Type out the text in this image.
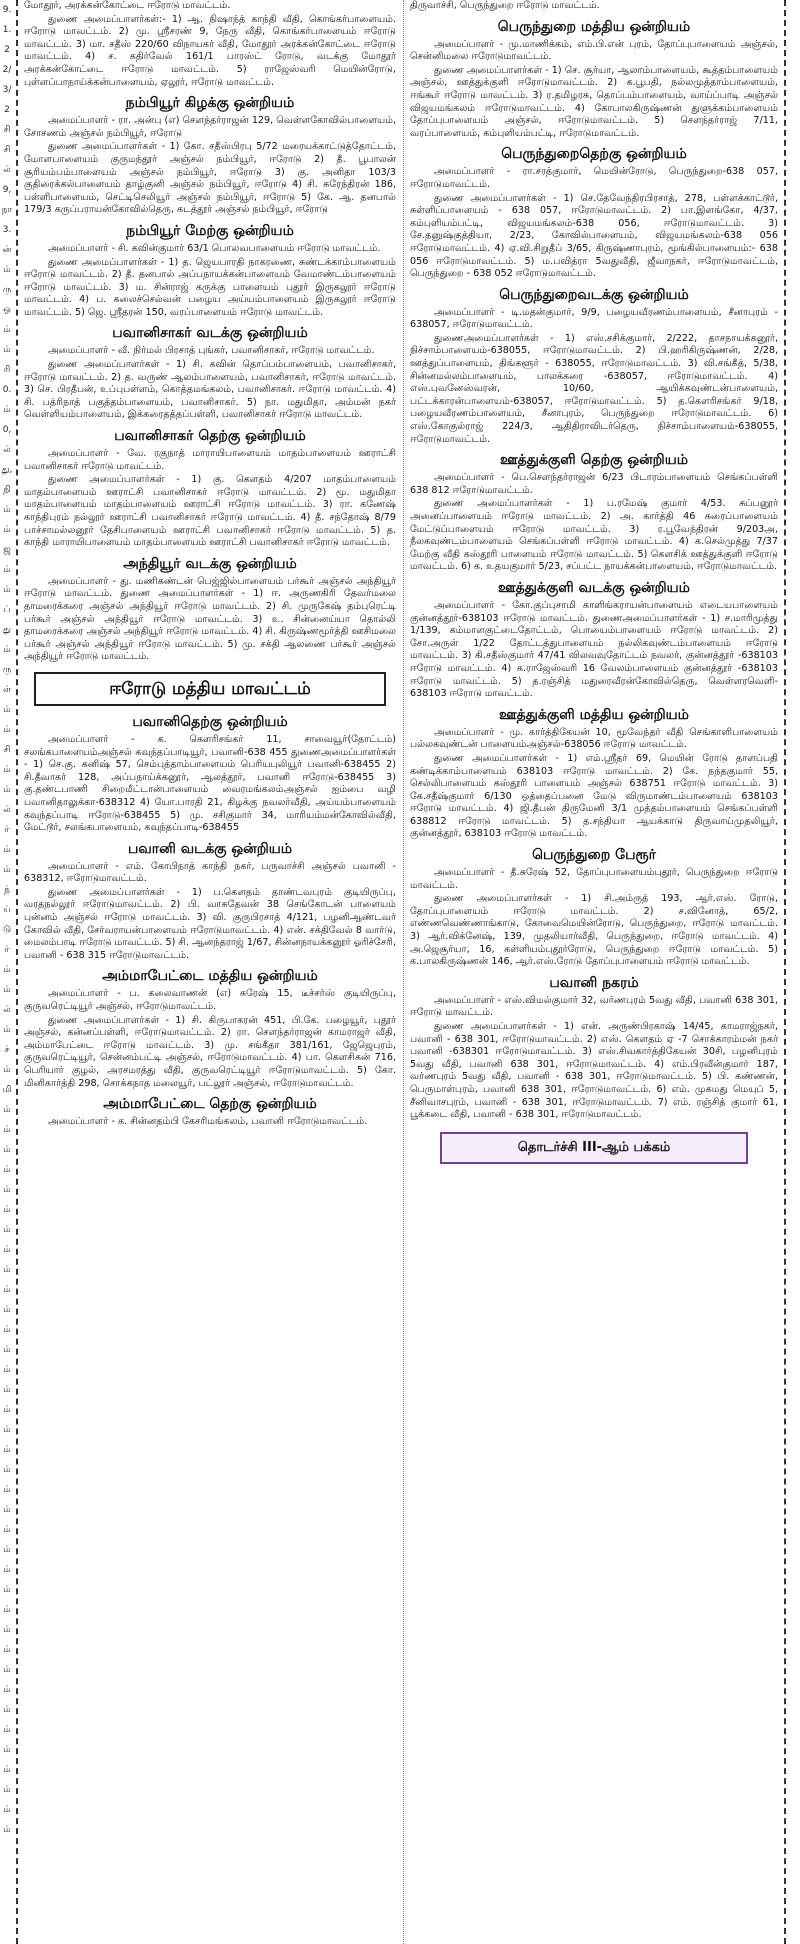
9.
1.
2
2/
3/
2
சி
சி
ல்
9,
நா
3.
ன்
ம்
ரு
ஒ
ம்
ம்
ரி
0.
ம்
0,
ல்
து,
நி
ம்
ம்
ஜ
ம்
ம்
ப்
து
ம்
ரு
ள்
ம்
ம்
சி
ம்
ம்
ல்
ர்
ம்
ம்
ந்
ய்
டு
ர்
ம்
ம்
ல்
ம்
ச்
ம்
மி
ம்
ம்
ம்
ம்
ம்
ம்
ம்
ம்
ம்
ம்
ம்
ம்
ம்
ம்
ம்
ம்
ம்
ம்
ம்
ம்
ம்
ம்
ம்
ம்
ம்
ம்
ம்
ம்
ம்
ம்
ம்
ம்
ம்
ம்
ம்
ம்
ம்

மோதூர், அரக்கன்கோட்டை ஈரோடு மாவட்டம்.

துணை அமைப்பாளர்கள்:- 1) ஆ. நிஷாந்த் காந்தி வீதி, கொங்கர்பாளையம். ஈரோடு மாவட்டம். 2) மு. ஸ்ரீசரண் 9, நேரு வீதி, கொங்கர்பாளையம் ஈரோடு மாவட்டம். 3) மா. சதீஸ் 220/60 விநாயகர் வீதி, மோதூர் அரக்கன்கோட்டை ஈரோடு மாவட்டம். 4) ச. கதிர்வேல் 161/1 பாரஸ்ட் ரோடு, வடக்கு மோதூர் அரக்கன்கோட்டை ஈரோடு மாவட்டம். 5) ராஜேஸ்வரி மெயின்ரோடு, புள்ளப்பாநாய்க்கன்பாளையம், ஏலூர், ஈரோடு மாவட்டம்.

நம்பியூர் கிழக்கு ஒன்றியம்

அமைப்பாளர் - ரா. அன்பு (எ) சௌந்தர்ராஜன் 129, வெள்ளகோவில்பாளையம், சோசணம் அஞ்சல் நம்பியூர், ஈரோடு

துணை அமைப்பாளர்கள் - 1) கோ. சதீஸ்பிரபு 5/72 மரையக்காட்டுத்தோட்டம், மோளபாளையம் குருமந்தூர் அஞ்சல் நம்பியூர், ஈரோடு 2) தீ. பூபாலன் சூரியம்பம்பாளையம் அஞ்சல் நம்பியூர், ஈரோடு 3) கு. அனிதா 103/3 குதிரைக்கல்பாளையம் தாழ்குனி அஞ்சல் நம்பியூர், ஈரோடு 4) சி. சுரேந்திரன் 186, பள்ளிபாளையம், செட்டிசெலியூர் அஞ்சல் நம்பியூர், ஈரோடு 5) கே. ஆ. தனபால் 179/3 கருப்பராயன்கோவில்தெரு, கடத்தூர் அஞ்சல் நம்பியூர், ஈரோடு

நம்பியூர் மேற்கு ஒன்றியம்

அமைப்பாளர் - சி. கவின்குமார் 63/1 பொலவபாளையம் ஈரோடு மாவட்டம்.

துணை அமைப்பாளர்கள் - 1) த. ஜெயபாரதி நாகரணை, சுண்டக்காம்பாளையம் ஈரோடு மாவட்டம். 2) தீ. தனபால் அப்பநாயக்கன்பாளையம் வேமாண்டம்பாளையம் ஈரோடு மாவட்டம். 3) ம. சின்ராஜ் கருக்கு பாளையம் புதூர் இருகலூர் ஈரோடு மாவட்டம். 4) ப. கலைச்செல்வன் பழைய அய்யம்பாளையம் இருகலூர் ஈரோடு மாவட்டம். 5) ஜெ. ஸ்ரீதரன் 150, வரப்பாளையம் ஈரோடு மாவட்டம்.

பவானிசாகர் வடக்கு ஒன்றியம்

அமைப்பாளர் - வீ. நிர்மல் பிரசாத் புங்கர், பவானிசாகர், ஈரோடு மாவட்டம்.

துணை அமைப்பாளர்கள் - 1) சி. கவின் தொப்பம்பாளையம், பவானிசாகர், ஈரோடு மாவட்டம். 2) த. வருண் ஆலம்பாளையம், பவானிசாகர், ஈரோடு மாவட்டம். 3) செ. பிரதீபன், உப்புபள்ளம், கொத்தமங்கலம், பவானிசாகர். ஈரோடு மாவட்டம். 4) சி. பத்ரிநாத் பகுத்தம்பாளையம், பவானிசாகர். 5) நா. மதுமிதா, அம்மன் நகர் வெள்ளியம்பாளையம், இக்கரைதத்தப்பள்ளி, பவானிசாகர் ஈரோடு மாவட்டம்.

பவானிசாகர் தெற்கு ஒன்றியம்

அமைப்பாளர் - வே. ரகுநாத் மாராயிபாளையம் மாதம்பாளையம் ஊராட்சி பவானிசாகர் ஈரோடு மாவட்டம்.

துணை அமைப்பாளர்கள் - 1) கு. கௌதம் 4/207 மாதம்பாளையம் மாதம்பாளையம் ஊராட்சி பவானிசாகர் ஈரோடு மாவட்டம். 2) மூ. மதுமிதா மாதம்பாளையம் மாதம்பாளையம் ஊராட்சி ஈரோடு மாவட்டம். 3) ரா. கணேஷ் காந்திபுரம் நல்லூர் ஊராட்சி பவானிசாகர் ஈரோடு மாவட்டம். 4) தீ. சந்தோஷ் 8/79 பாச்சாமல்லனூர் தேசிபாளையம் ஊராட்சி பவானிசாகர் ஈரோடு மாவட்டம். 5) த. காந்தி மாராயிபாளையம் மாதம்பாளையம் ஊராட்சி பவானிசாகர் ஈரோடு மாவட்டம்.

அந்தியூர் வடக்கு ஒன்றியம்

அமைப்பாளர் - து. மணிகண்டன் பெஜ்ஜில்பாளையம் பர்கூர் அஞ்சல் அந்தியூர் ஈரோடு மாவட்டம். துணை அமைப்பாளர்கள் - 1) ஈ. அருணகிரி தேவர்மலை தாமரைக்கரை அஞ்சல் அந்தியூர் ஈரோடு மாவட்டம். 2) சி. முருகேஷ் தம்புரெட்டி பர்கூர் அஞ்சல் அந்தியூர் ஈரோடு மாவட்டம். 3) உ. சின்னைய்யா தொல்லி தாமரைக்கரை அஞ்சல் அந்தியூர் ஈரோடு மாவட்டம். 4) சி. கிருஷ்ணமூர்த்தி ஊசிமலை பர்கூர் அஞ்சல் அந்தியூர் ஈரோடு மாவட்டம். 5) மு. சக்தி ஆலணை பர்கூர் அஞ்சல் அந்தியூர் ஈரோடு மாவட்டம்.

ஈரோடு மத்திய மாவட்டம்
பவானிதெற்கு ஒன்றியம்

அமைப்பாளர் - க. கௌரிசங்கர் 11, சாவையூர்(தோட்டம்) சலங்கபாளையம்அஞ்சல் கவுந்தப்பாடியூர், பவானி-638 455 துணைஅமைப்பாளர்கள் - 1) செ.கு. கனிஷ் 57, செம்புத்தாம்பாளையம் பெரியபுலியூர் பவானி-638455 2) சி.தீவாகர் 128, அப்பநாய்க்கனூர், ஆலத்தூர், பவானி ஈரோடு-638455 3) கு.தண்டபாணி சிறைமீட்டான்பாளையம் வைரமங்கலம்அஞ்சல் ஐம்பை வழி பவானிதாலுக்கா-638312 4) யோ.பாரதி 21, கிழக்கு நவலர்வீதி, அய்யம்பாளையம் கவுந்தப்பாடி ஈரோடு-638455 5) மு. சசிகுமார் 34, மாரியம்மன்கோவில்வீதி, மேட்டூர், சலங்கபாளையம், கவுந்தப்பாடி-638455

பவானி வடக்கு ஒன்றியம்

அமைப்பாளர் - எம். கோபிநாத் காந்தி நகர், பருவாச்சி அஞ்சல் பவானி - 638312, ஈரோடுமாவட்டம்.

துணை அமைப்பாளர்கள் - 1) ப.கௌதம் தாண்டவபுரம் குடியிருப்பு, வரதநல்லூர் ஈரோடுமாவட்டம். 2) பி. வாசுதேவன் 38 செங்கோடன் பாளையம் புன்னம் அஞ்சல் ஈரோடு மாவட்டம். 3) வி. குருபிரசாத் 4/121, பழனிஆண்டவர் கோவில் வீதி, சேர்வராயன்பாளையம் ஈரோடுமாவட்டம். 4) என். சக்திவேல் 8 வார்டு, மைலம்பாடி ஈரோடு மாவட்டம். 5) சி. ஆனந்தராஜ் 1/67, சின்னநாயக்கனூர் ஓரிச்சேரி, பவானி - 638 315 ஈரோடுமாவட்டம்.

அம்மாபேட்டை மத்திய ஒன்றியம்

அமைப்பாளர் - ப. கலைவாணன் (எ) சுரேஷ் 15, டீச்சர்ஸ் குடியிருப்பு, குருவரெட்டியூர் அஞ்சல், ஈரோடுமாவட்டம்.

துணை அமைப்பாளர்கள் - 1) சி. கிருபாகரன் 451, பி.கே. பழையூர், புதூர் அஞ்சல், கன்னப்பள்ளி, ஈரோடுமாவட்டம். 2) ரா. சௌந்தர்ராஜன் காமராஜர் வீதி, அம்மாபேட்டை ஈரோடு மாவட்டம். 3) மு. சங்கீதா 381/161, ஜேஜெபுரம், குருவரெட்டியூர், சென்னம்பட்டி அஞ்சல், ஈரோடுமாவட்டம். 4) பா. கௌசிகன் 716, பெரியார் குழல், அரசமரத்து வீதி, குருவரெட்டியூர் ஈரோடுமாவட்டம். 5) கோ. மினிகார்த்தி 298, சொக்கநாத மலையூர், பட்லூர் அஞ்சல், ஈரோடுமாவட்டம்.

அம்மாபேட்டை தெற்கு ஒன்றியம்

அமைப்பாளர் - க. சின்னதம்பி கேசரிமங்கலம், பவானி ஈரோடுமாவட்டம்.

திருவாச்சி, பெருந்துறை ஈரோடு மாவட்டம்.

பெருந்துறை மத்திய ஒன்றியம்

அமைப்பாளர் - மு.மாணிக்கம், எம்.பி.என் புரம், தோப்புபாளையம் அஞ்சல், சென்னிமலை ஈரோடுமாவட்டம்.

துணை அமைப்பாளர்கள் - 1) செ. சூர்யா, ஆலாம்பாளையம், கூத்தம்பாளையம் அஞ்சல், ஊத்துக்குளி ஈரோடுமாவட்டம். 2) க.பூபதி, நல்லமுத்தாம்பாளையம், ஈங்கூர் ஈரோடு மாவட்டம். 3) ர.தமிழரசு, தொப்பம்பாளையம், வாய்ப்பாடி அஞ்சல் விஜயமங்கலம் ஈரோடுமாவட்டம். 4) கோபாலகிருஷ்ணன் துளுக்கம்பாளையம் தோப்புபாளையம் அஞ்சல், ஈரோடுமாவட்டம். 5) சௌந்தர்ராஜ் 7/11, வரப்பாளையம், கம்புளியம்பட்டி, ஈரோடுமாவட்டம்.

பெருந்துறைதெற்கு ஒன்றியம்

அமைப்பாளர் - ரா.சரத்குமார், மெயின்ரோடு, பெருந்துறை-638 057, ஈரோடுமாவட்டம்.

துணை அமைப்பாளர்கள் - 1) செ.தேவேந்திரபிரசாத், 278, பள்ளக்காட்டூர், சுள்ளிப்பாளையம் - 638 057, ஈரோடுமாவட்டம். 2) பா.இளங்கோ, 4/37, கம்புளியம்பட்டி, விஜயமங்கலம்-638 056, ஈரோடுமாவட்டம். 3) சே.தனுஷ்குத்தியா, 2/23, கோவில்பாளையம், விஜயமங்கலம்-638 056 ஈரோடுமாவட்டம். 4) ஏ.வி.சிறுதீப் 3/65, கிருஷ்ணாபுரம், மூங்கில்பாளையம்:- 638 056 ஈரோடுமாவட்டம். 5) ம.பவித்ரா 5வதுவீதி, ஜீவாநகர், ஈரோடுமாவட்டம், பெருந்துறை - 638 052 ஈரோடுமாவட்டம்.

பெருந்துறைவடக்கு ஒன்றியம்

அமைப்பாளர் - டி.மதன்குமார், 9/9, பழையவீரணம்பாளையம், சீனாபுரம் - 638057, ஈரோடுமாவட்டம்.

துணைஅமைப்பாளர்கள் - 1) எஸ்.சசிக்குமார், 2/222, தாசநாயக்கனூர், நிச்சாம்பாளையம்-638055, ஈரோடுமாவட்டம். 2) பி.ஹரிகிருஷ்ணன், 2/28, ஊத்துப்பாளையம், திங்களூர் - 638055, ஈரோடுமாவட்டம். 3) வி.சங்கீத், 5/38, சின்னமல்லம்பாளையம், பாலக்கரை -638057, ஈரோடுமாவட்டம். 4) எஸ்.புவனேஸ்வரன், 10/60, ஆயிக்கவுண்டன்பாளையம், பட்டக்காரன்பாளையம்-638057, ஈரோடுமாவட்டம். 5) த.கௌரிசங்கர் 9/18, பழையவீரணம்பாளையம், சீனாபுரம், பெருந்துறை ஈரோடுமாவட்டம். 6) எஸ்.கோகுல்ராஜ் 224/3, ஆதிதிராவிடர்தெரு, நிச்சாம்பாளையம்-638055, ஈரோடுமாவட்டம்.

ஊத்துக்குளி தெற்கு ஒன்றியம்

அமைப்பாளர் - பெ.சௌந்தர்ராஜன் 6/23 பிடாரம்பாளையம் செங்கப்பள்ளி 638 812 ஈரோடுமாவட்டம்.

துணை அமைப்பாளர்கள் - 1) ப.ரமேஷ் குமார் 4/53. சுப்பனூர் அனைப்பாளையம் ஈரோடு மாவட்டம். 2) அ. கார்த்தி 46 கரைப்பாளையம் மேட்டுப்பாளையம் ஈரோடு மாவட்டம். 3) ர.பூவேந்திரன் 9/203அ, நீலகவுண்டம்பாளையம் செங்கப்பள்ளி ஈரோடு மாவட்டம். 4) க.செல்முத்து 7/37 மேற்கு வீதி கஸ்தூரி பாளையம் ஈரோடு மாவட்டம். 5) கௌசிக் ஊத்துக்குளி ஈரோடு மாவட்டம். 6) க. உதயகுமார் 5/23, சப்பட்ட நாயக்கன்பாளையம், ஈரோடுமாவட்டம்.

ஊத்துக்குளி வடக்கு ஒன்றியம்

அமைப்பாளர் - கோ.குப்புசாமி காளிங்கராயன்பாளையம் எடையபாளையம் குன்னத்தூர்-638103 ஈரோடு மாவட்டம். துணைஅமைப்பாளர்கள் - 1) ச.மாரிமுத்து 1/139, கம்மாளகுட்டைதோட்டம், பொயைம்பாளையம் ஈரோடு மாவட்டம். 2) சோ.அருள் 1/22 தோட்டத்துபாளையம் நல்லிகவுண்டம்பாளையம் ஈரோடு மாவட்டம். 3) கி.சதீஸ்குமார் 47/41 விலவவுதோட்டம் நவலர், குன்னத்தூர் -638103 ஈரோடு மாவட்டம். 4) க.ராஜேஸ்வரி 16 வேலம்பாளையம் குன்னத்தூர் -638103 ஈரோடு மாவட்டம். 5) த.ரஞ்சித் மதுரைவீரன்கோவில்தெரு, வெள்ளரவெளி- 638103 ஈரோடு மாவட்டம்.

ஊத்துக்குளி மத்திய ஒன்றியம்

அமைப்பாளர் - மு. கார்த்திகேயன் 10, மூவேந்தர் வீதி செங்காளிபாளையம் பல்லகவுண்டன் பாளையம்அஞ்சல்-638056 ஈரோடு மாவட்டம்.

துணை அமைப்பாளர்கள் - 1) எம்.ஸ்ரீதர் 69, மெயின் ரோடு தாளப்பதி கண்டிக்காம்பாளையம் 638103 ஈரோடு மாவட்டம். 2) கே. நந்தகுமார் 55, செல்லிபாளையம் கஸ்தூரி பாளையம் அஞ்சல் 638751 ஈரோடு மாவட்டம். 3) கே.சதீஷ்குமார் 6/130 ஒத்தைப்பனை மேடு விருமாண்டம்பாளையம் 638103 ஈரோடு மாவட்டம். 4) ஜி.தீபன் திருமேனி 3/1 முத்தம்பாளையம் செங்கப்பள்ளி 638812 ஈரோடு மாவட்டம். 5) த.சந்தியா ஆயக்காடு திருவாய்முதலியூர், குன்னத்தூர், 638103 ஈரோடு மாவட்டம்.

பெருந்துறை பேரூர்

அமைப்பாளர் - தீ.சுரேஷ் 52, தோப்புபாளையம்புதூர், பெருந்துறை ஈரோடு மாவட்டம்.

துணை அமைப்பாளர்கள் - 1) சி.அம்ருத் 193, ஆர்.எஸ். ரோடு, தோப்புபாளையம் ஈரோடு மாவட்டம். 2) ச.வினோத், 65/2, எண்ணவெண்ணாங்காடு, கோவைமெயின்ரோடு, பெருந்துறை, ஈரோடு மாவட்டம். 3) ஆர்.விக்னேஷ், 139, முதலியார்வீதி, பெருந்துறை, ஈரோடு மாவட்டம். 4) அ.ஜெசூர்யா, 16, கள்ளியம்புதூர்ரோடு, பெருந்துறை ஈரோடு மாவட்டம். 5) க.பாலகிருஷ்ணன் 146, ஆர்.எஸ்.ரோடு தோப்புபாளையம் ஈரோடு மாவட்டம்.

பவானி நகரம்

அமைப்பாளர் - எஸ்.விமல்குமார் 32, வர்ணபுரம் 5வது வீதி, பவானி 638 301, ஈரோடு மாவட்டம்.

துணை அமைப்பாளர்கள் - 1) என். அருண்பிரகாஷ் 14/45, காமராஜ்நகர், பவானி - 638 301, ஈரோடுமாவட்டம். 2) எஸ். கௌதம் ஏ -7 சொக்காரம்மன் நகர் பவானி -638301 ஈரோடுமாவட்டம். 3) எஸ்.சிவகார்த்திகேயன் 30சி, பழனிபுரம் 5வது வீதி, பவானி 638 301, ஈரோடுமாவட்டம். 4) எம்.பிரவீன்குமார் 187, வர்ணபுரம் 5வது வீதி, பவானி - 638 301, ஈரோடுமாவட்டம். 5) பி. கண்ணன், பெருமாள்புரம், பவானி 638 301, ஈரோடுமாவட்டம். 6) எம். முகமது மெயுப் 5, சீனிவாசபுரம், பவானி - 638 301, ஈரோடுமாவட்டம். 7) எம். ரஞ்சித் குமார் 61, பூக்கடை வீதி, பவானி - 638 301, ஈரோடுமாவட்டம்.

தொடர்ச்சி III-ஆம் பக்கம்
